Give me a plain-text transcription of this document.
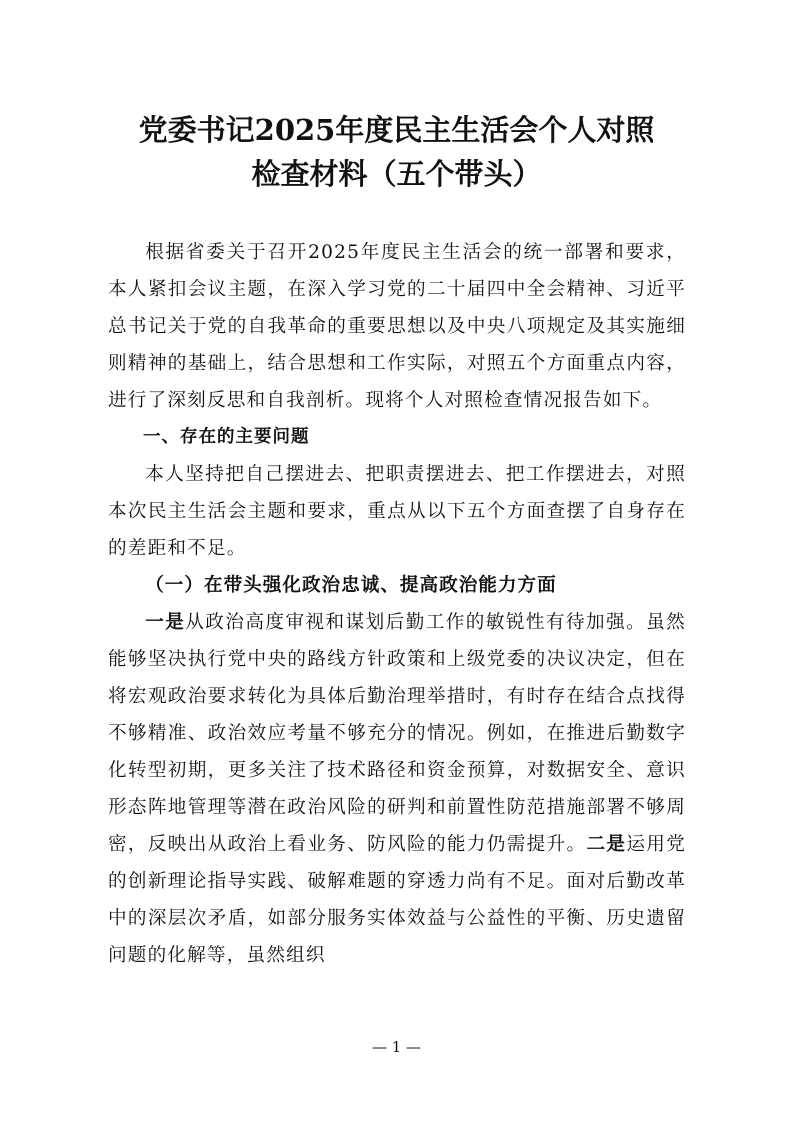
党委书记2025年度民主生活会个人对照
检查材料（五个带头）

根据省委关于召开2025年度民主生活会的统一部署和要求，本人紧扣会议主题，在深入学习党的二十届四中全会精神、习近平总书记关于党的自我革命的重要思想以及中央八项规定及其实施细则精神的基础上，结合思想和工作实际，对照五个方面重点内容，进行了深刻反思和自我剖析。现将个人对照检查情况报告如下。

一、存在的主要问题

本人坚持把自己摆进去、把职责摆进去、把工作摆进去，对照本次民主生活会主题和要求，重点从以下五个方面查摆了自身存在的差距和不足。

（一）在带头强化政治忠诚、提高政治能力方面

一是从政治高度审视和谋划后勤工作的敏锐性有待加强。虽然能够坚决执行党中央的路线方针政策和上级党委的决议决定，但在将宏观政治要求转化为具体后勤治理举措时，有时存在结合点找得不够精准、政治效应考量不够充分的情况。例如，在推进后勤数字化转型初期，更多关注了技术路径和资金预算，对数据安全、意识形态阵地管理等潜在政治风险的研判和前置性防范措施部署不够周密，反映出从政治上看业务、防风险的能力仍需提升。二是运用党的创新理论指导实践、破解难题的穿透力尚有不足。面对后勤改革中的深层次矛盾，如部分服务实体效益与公益性的平衡、历史遗留问题的化解等，虽然组织

— 1 —
